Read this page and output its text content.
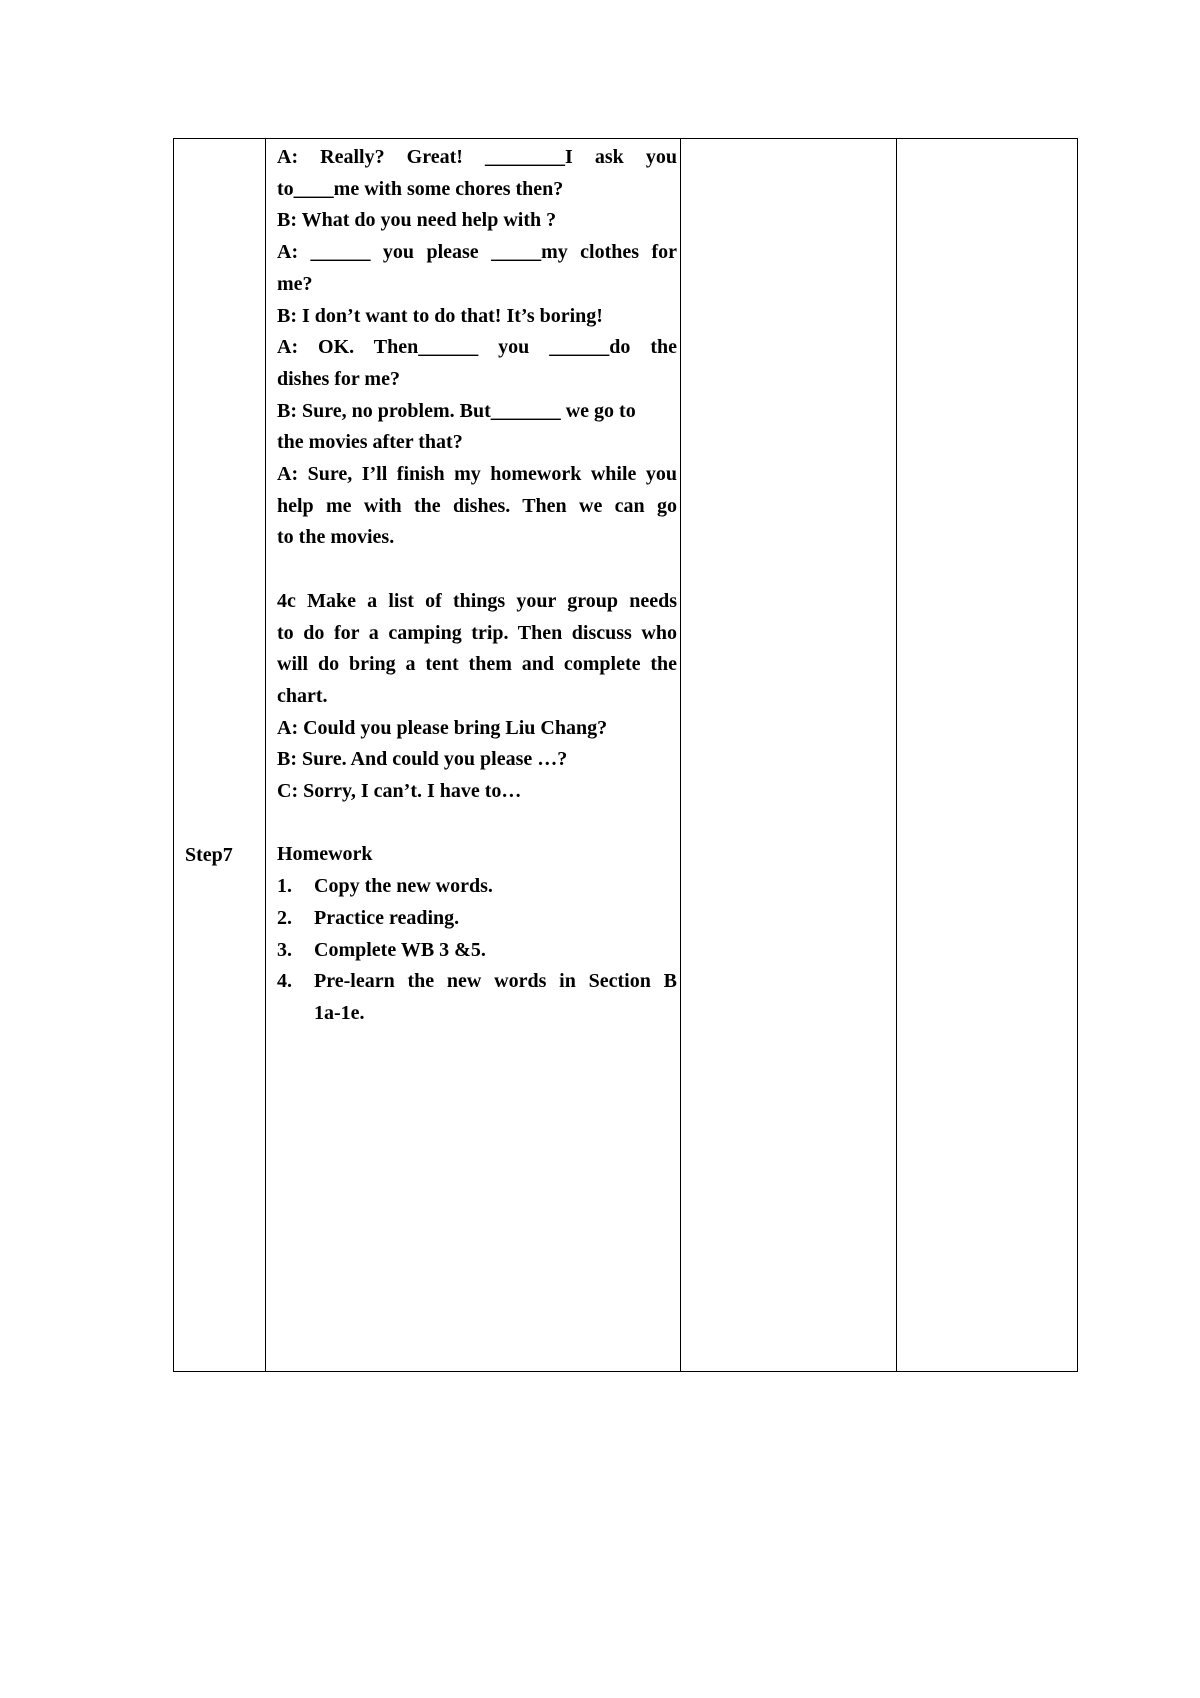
Step7

A: Really? Great! ________I ask you

to____me with some chores then?

B: What do you need help with ?

A: ______ you please _____my clothes for

me?

B: I don’t want to do that! It’s boring!

A: OK. Then______ you ______do the

dishes for me?

B: Sure, no problem. But_______ we go to

the movies after that?

A: Sure, I’ll finish my homework while you

help me with the dishes. Then we can go

to the movies.

4c Make a list of things your group needs

to do for a camping trip. Then discuss who

will do bring a tent them and complete the

chart.

A: Could you please bring Liu Chang?

B: Sure. And could you please …?

C: Sorry, I can’t. I have to…

Homework

1.	Copy the new words.
2.	Practice reading.
3.	Complete WB 3 &5.
4.	Pre-learn the new words in Section B
1a-1e.
